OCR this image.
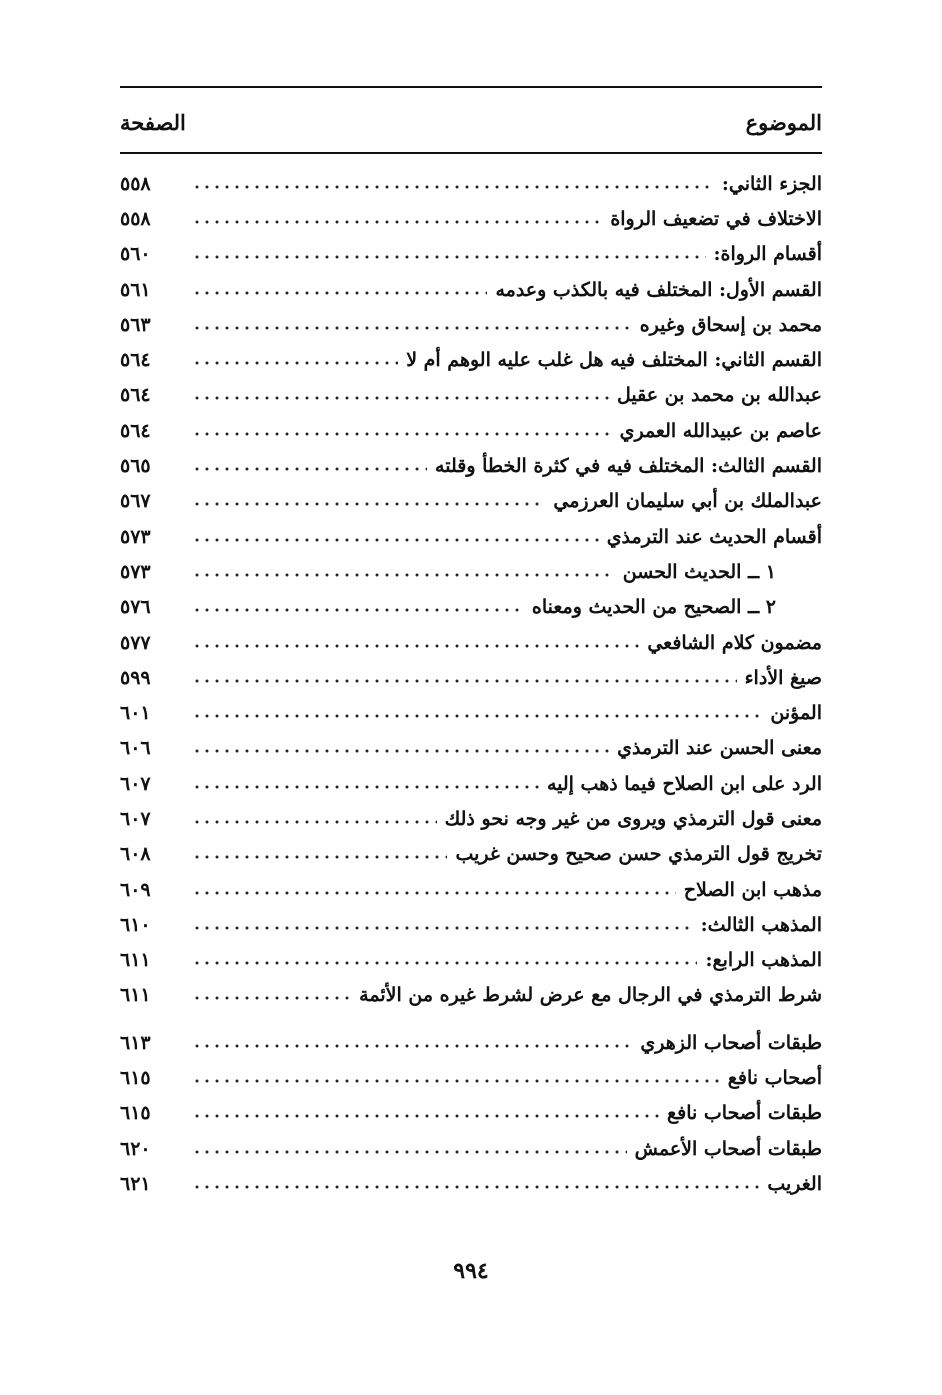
الموضوع
الصفحة
الجزء الثاني:
٥٥٨
الاختلاف في تضعيف الرواة
٥٥٨
أقسام الرواة:
٥٦٠
القسم الأول: المختلف فيه بالكذب وعدمه
٥٦١
محمد بن إسحاق وغيره
٥٦٣
القسم الثاني: المختلف فيه هل غلب عليه الوهم أم لا
٥٦٤
عبدالله بن محمد بن عقيل
٥٦٤
عاصم بن عبيدالله العمري
٥٦٤
القسم الثالث: المختلف فيه في كثرة الخطأ وقلته
٥٦٥
عبدالملك بن أبي سليمان العرزمي
٥٦٧
أقسام الحديث عند الترمذي
٥٧٣
١ ــ الحديث الحسن
٥٧٣
٢ ــ الصحيح من الحديث ومعناه
٥٧٦
مضمون كلام الشافعي
٥٧٧
صيغ الأداء
٥٩٩
المؤنن
٦٠١
معنى الحسن عند الترمذي
٦٠٦
الرد على ابن الصلاح فيما ذهب إليه
٦٠٧
معنى قول الترمذي ويروى من غير وجه نحو ذلك
٦٠٧
تخريج قول الترمذي حسن صحيح وحسن غريب
٦٠٨
مذهب ابن الصلاح
٦٠٩
المذهب الثالث:
٦١٠
المذهب الرابع:
٦١١
شرط الترمذي في الرجال مع عرض لشرط غيره من الأئمة
٦١١
طبقات أصحاب الزهري
٦١٣
أصحاب نافع
٦١٥
طبقات أصحاب نافع
٦١٥
طبقات أصحاب الأعمش
٦٢٠
الغريب
٦٢١
٩٩٤
